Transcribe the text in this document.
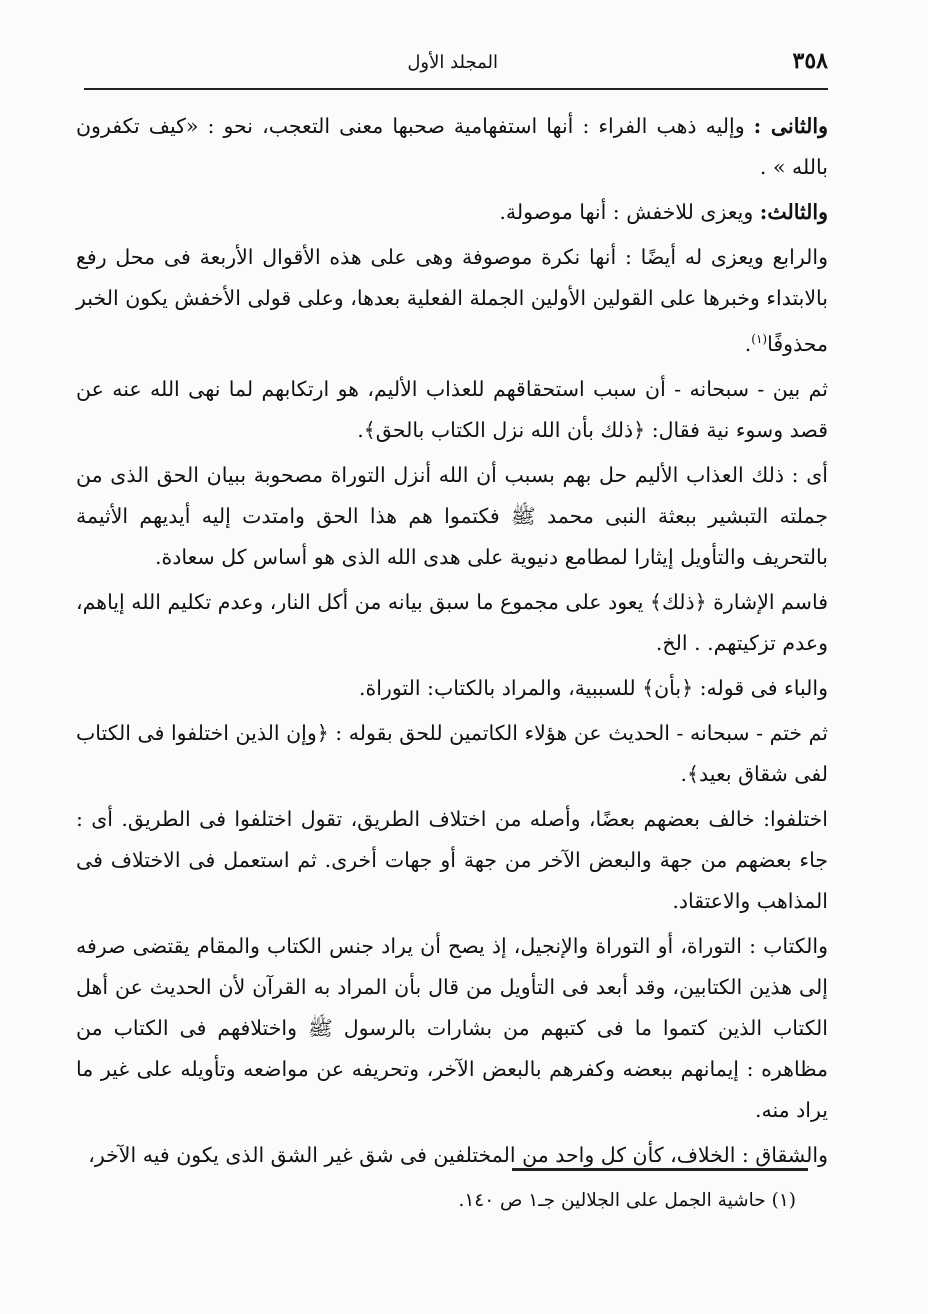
٣٥٨
المجلد الأول

والثانى : وإليه ذهب الفراء : أنها استفهامية صحبها معنى التعجب، نحو : «كيف تكفرون بالله » .

والثالث: ويعزى للاخفش : أنها موصولة.

والرابع ويعزى له أيضًا : أنها نكرة موصوفة وهى على هذه الأقوال الأربعة فى محل رفع بالابتداء وخبرها على القولين الأولين الجملة الفعلية بعدها، وعلى قولى الأخفش يكون الخبر محذوفًا$^{(١)}$.

ثم بين - سبحانه - أن سبب استحقاقهم للعذاب الأليم، هو ارتكابهم لما نهى الله عنه عن قصد وسوء نية فقال: ﴿ذلك بأن الله نزل الكتاب بالحق﴾.

أى : ذلك العذاب الأليم حل بهم بسبب أن الله أنزل التوراة مصحوبة ببيان الحق الذى من جملته التبشير ببعثة النبى محمد ﷺ فكتموا هم هذا الحق وامتدت إليه أيديهم الأثيمة بالتحريف والتأويل إيثارا لمطامع دنيوية على هدى الله الذى هو أساس كل سعادة.

فاسم الإشارة ﴿ذلك﴾ يعود على مجموع ما سبق بيانه من أكل النار، وعدم تكليم الله إياهم، وعدم تزكيتهم. . الخ.

والباء فى قوله: ﴿بأن﴾ للسببية، والمراد بالكتاب: التوراة.

ثم ختم - سبحانه - الحديث عن هؤلاء الكاتمين للحق بقوله : ﴿وإن الذين اختلفوا فى الكتاب لفى شقاق بعيد﴾.

اختلفوا: خالف بعضهم بعضًا، وأصله من اختلاف الطريق، تقول اختلفوا فى الطريق. أى : جاء بعضهم من جهة والبعض الآخر من جهة أو جهات أخرى. ثم استعمل فى الاختلاف فى المذاهب والاعتقاد.

والكتاب : التوراة، أو التوراة والإنجيل، إذ يصح أن يراد جنس الكتاب والمقام يقتضى صرفه إلى هذين الكتابين، وقد أبعد فى التأويل من قال بأن المراد به القرآن لأن الحديث عن أهل الكتاب الذين كتموا ما فى كتبهم من بشارات بالرسول ﷺ واختلافهم فى الكتاب من مظاهره : إيمانهم ببعضه وكفرهم بالبعض الآخر، وتحريفه عن مواضعه وتأويله على غير ما يراد منه.

والشقاق : الخلاف، كأن كل واحد من المختلفين فى شق غير الشق الذى يكون فيه الآخر،

(١) حاشية الجمل على الجلالين جـ١ ص ١٤٠.
